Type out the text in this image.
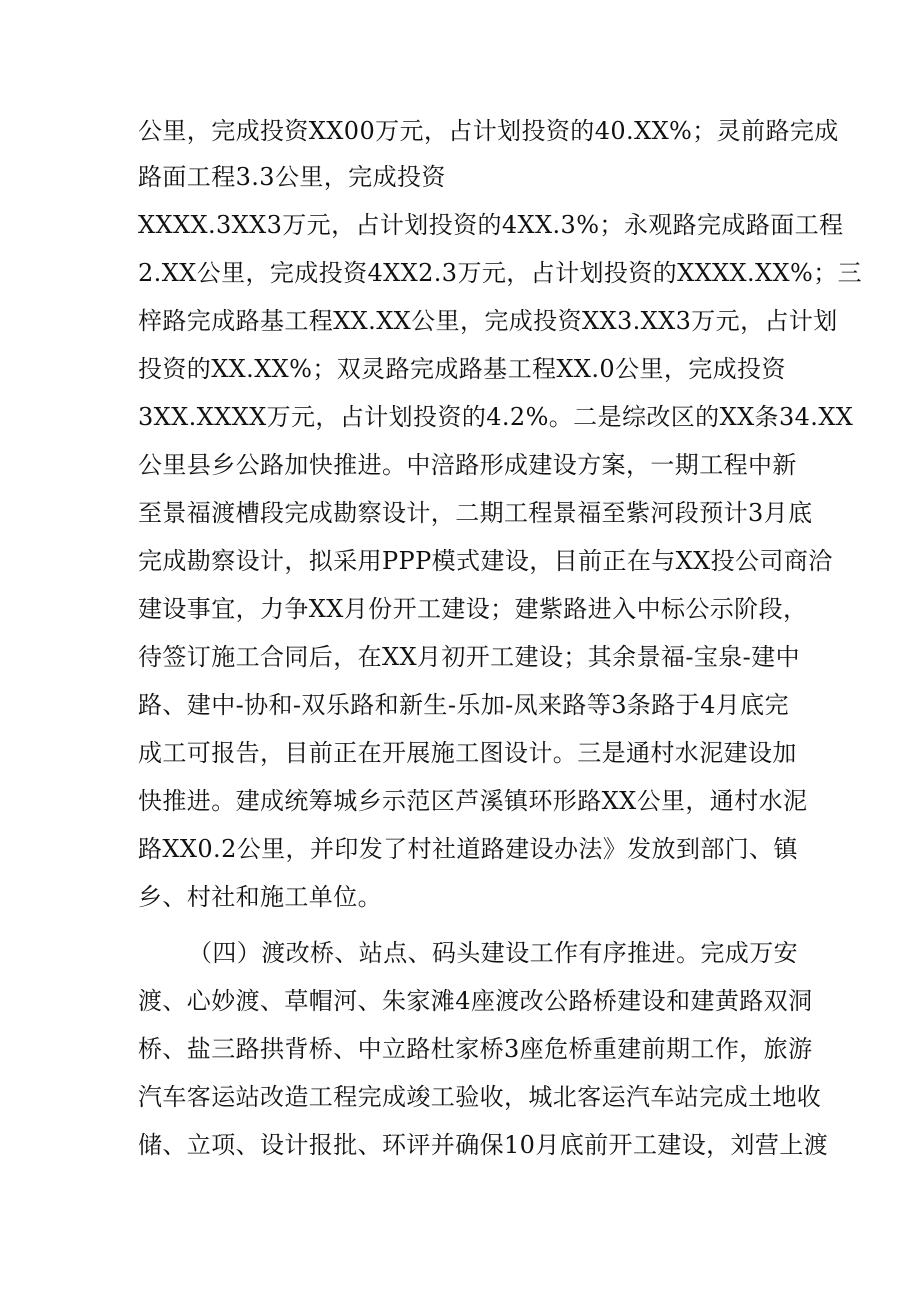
公里，完成投资XX00万元，占计划投资的40.XX%；灵前路完成
路面工程3.3公里，完成投资
XXXX.3XX3万元，占计划投资的4XX.3%；永观路完成路面工程
2.XX公里，完成投资4XX2.3万元，占计划投资的XXXX.XX%；三
梓路完成路基工程XX.XX公里，完成投资XX3.XX3万元，占计划
投资的XX.XX%；双灵路完成路基工程XX.0公里，完成投资
3XX.XXXX万元，占计划投资的4.2%。二是综改区的XX条34.XX
公里县乡公路加快推进。中涪路形成建设方案，一期工程中新
至景福渡槽段完成勘察设计，二期工程景福至紫河段预计3月底
完成勘察设计，拟采用PPP模式建设，目前正在与XX投公司商洽
建设事宜，力争XX月份开工建设；建紫路进入中标公示阶段，
待签订施工合同后，在XX月初开工建设；其余景福-宝泉-建中
路、建中-协和-双乐路和新生-乐加-凤来路等3条路于4月底完
成工可报告，目前正在开展施工图设计。三是通村水泥建设加
快推进。建成统筹城乡示范区芦溪镇环形路XX公里，通村水泥
路XX0.2公里，并印发了村社道路建设办法》发放到部门、镇
乡、村社和施工单位。
（四）渡改桥、站点、码头建设工作有序推进。完成万安
渡、心妙渡、草帽河、朱家滩4座渡改公路桥建设和建黄路双洞
桥、盐三路拱背桥、中立路杜家桥3座危桥重建前期工作，旅游
汽车客运站改造工程完成竣工验收，城北客运汽车站完成土地收
储、立项、设计报批、环评并确保10月底前开工建设，刘营上渡
